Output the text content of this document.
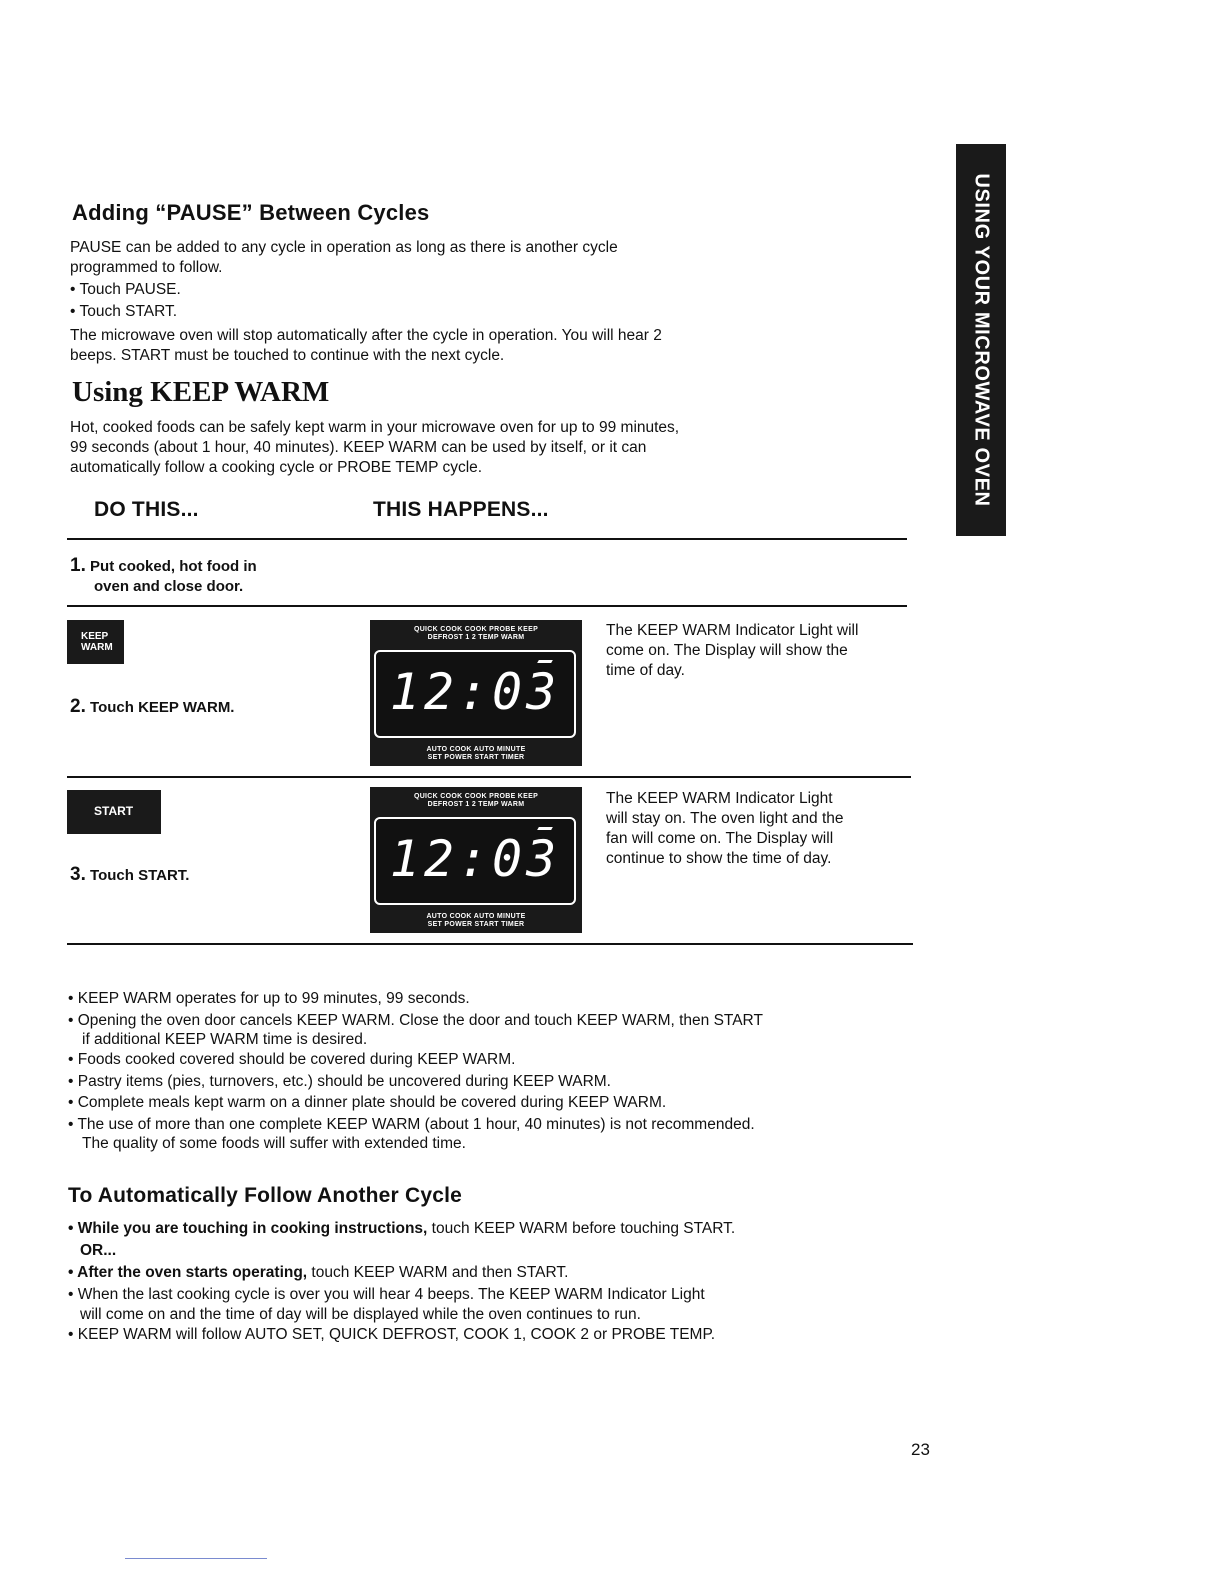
USING YOUR MICROWAVE OVEN
Adding “PAUSE” Between Cycles
PAUSE can be added to any cycle in operation as long as there is another cycle
programmed to follow.
• Touch PAUSE.
• Touch START.
The microwave oven will stop automatically after the cycle in operation. You will hear 2
beeps. START must be touched to continue with the next cycle.
Using KEEP WARM
Hot, cooked foods can be safely kept warm in your microwave oven for up to 99 minutes,
99 seconds (about 1 hour, 40 minutes). KEEP WARM can be used by itself, or it can
automatically follow a cooking cycle or PROBE TEMP cycle.
DO THIS...	THIS HAPPENS...
1. Put cooked, hot food in
oven and close door.
KEEP
WARM
2. Touch KEEP WARM.
QUICK COOK COOK PROBE KEEP
DEFROST 1 2 TEMP WARM
12:03
AUTO COOK AUTO MINUTE
SET POWER START TIMER
The KEEP WARM Indicator Light will
come on. The Display will show the
time of day.
START
3. Touch START.
QUICK COOK COOK PROBE KEEP
DEFROST 1 2 TEMP WARM
12:03
AUTO COOK AUTO MINUTE
SET POWER START TIMER
The KEEP WARM Indicator Light
will stay on. The oven light and the
fan will come on. The Display will
continue to show the time of day.
• KEEP WARM operates for up to 99 minutes, 99 seconds.
• Opening the oven door cancels KEEP WARM. Close the door and touch KEEP WARM, then START
if additional KEEP WARM time is desired.
• Foods cooked covered should be covered during KEEP WARM.
• Pastry items (pies, turnovers, etc.) should be uncovered during KEEP WARM.
• Complete meals kept warm on a dinner plate should be covered during KEEP WARM.
• The use of more than one complete KEEP WARM (about 1 hour, 40 minutes) is not recommended.
The quality of some foods will suffer with extended time.
To Automatically Follow Another Cycle
• While you are touching in cooking instructions, touch KEEP WARM before touching START.
OR...
• After the oven starts operating, touch KEEP WARM and then START.
• When the last cooking cycle is over you will hear 4 beeps. The KEEP WARM Indicator Light
will come on and the time of day will be displayed while the oven continues to run.
• KEEP WARM will follow AUTO SET, QUICK DEFROST, COOK 1, COOK 2 or PROBE TEMP.
23
